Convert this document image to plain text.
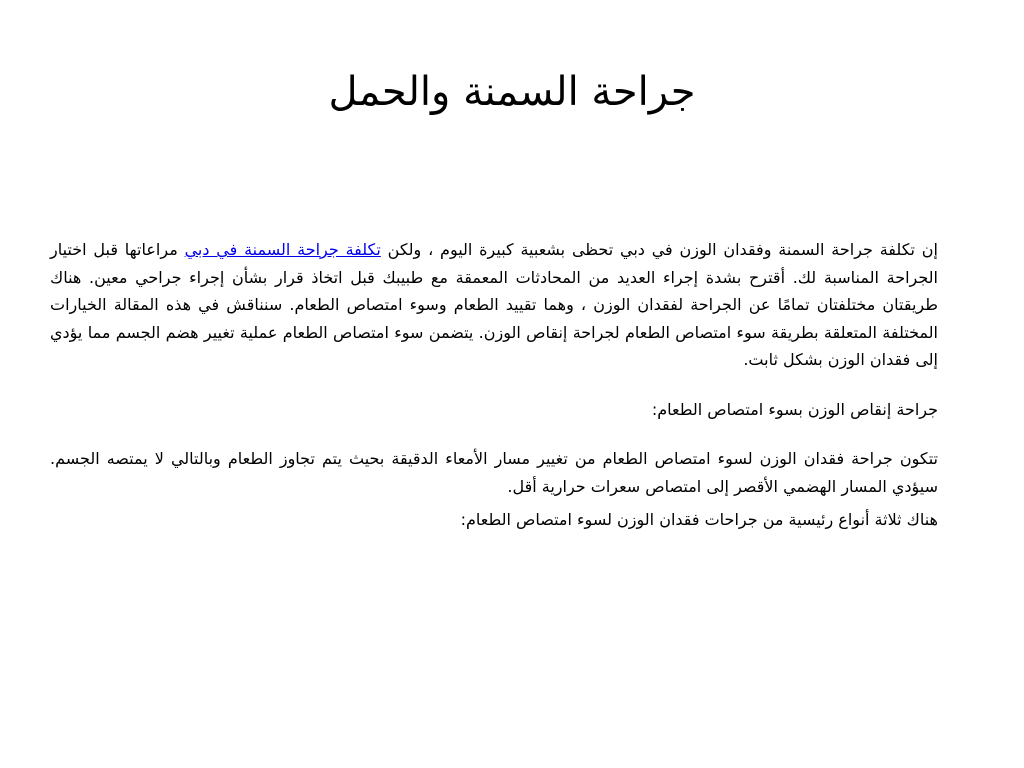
جراحة السمنة والحمل

إن تكلفة جراحة السمنة وفقدان الوزن في دبي تحظى بشعبية كبيرة اليوم ، ولكن تكلفة جراحة السمنة في دبي مراعاتها قبل اختيار الجراحة المناسبة لك. أقترح بشدة إجراء العديد من المحادثات المعمقة مع طبيبك قبل اتخاذ قرار بشأن إجراء جراحي معين. هناك طريقتان مختلفتان تمامًا عن الجراحة لفقدان الوزن ، وهما تقييد الطعام وسوء امتصاص الطعام. سنناقش في هذه المقالة الخيارات المختلفة المتعلقة بطريقة سوء امتصاص الطعام لجراحة إنقاص الوزن. يتضمن سوء امتصاص الطعام عملية تغيير هضم الجسم مما يؤدي إلى فقدان الوزن بشكل ثابت.

جراحة إنقاص الوزن بسوء امتصاص الطعام:

تتكون جراحة فقدان الوزن لسوء امتصاص الطعام من تغيير مسار الأمعاء الدقيقة بحيث يتم تجاوز الطعام وبالتالي لا يمتصه الجسم. سيؤدي المسار الهضمي الأقصر إلى امتصاص سعرات حرارية أقل.

هناك ثلاثة أنواع رئيسية من جراحات فقدان الوزن لسوء امتصاص الطعام:
